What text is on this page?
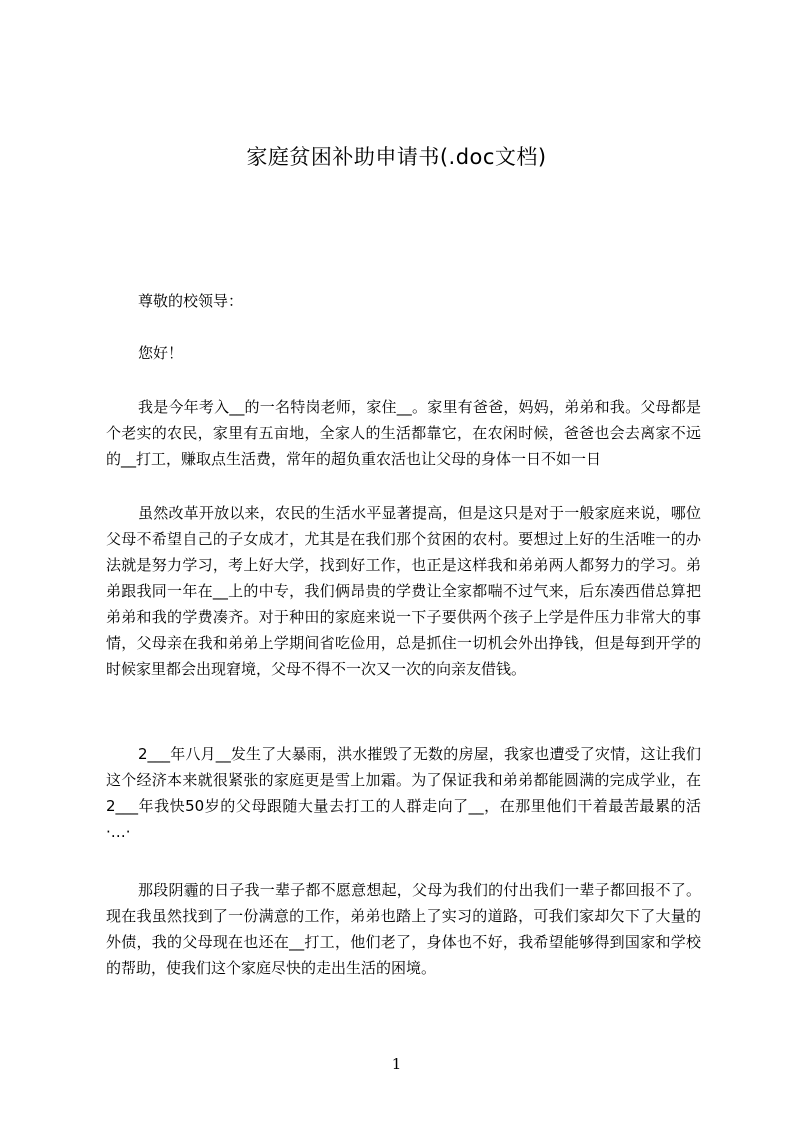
家庭贫困补助申请书(.doc文档)

尊敬的校领导：

您好！

我是今年考入__的一名特岗老师，家住__。家里有爸爸，妈妈，弟弟和我。父母都是个老实的农民，家里有五亩地，全家人的生活都靠它，在农闲时候，爸爸也会去离家不远的__打工，赚取点生活费，常年的超负重农活也让父母的身体一日不如一日

虽然改革开放以来，农民的生活水平显著提高，但是这只是对于一般家庭来说，哪位父母不希望自己的子女成才，尤其是在我们那个贫困的农村。要想过上好的生活唯一的办法就是努力学习，考上好大学，找到好工作，也正是这样我和弟弟两人都努力的学习。弟弟跟我同一年在__上的中专，我们俩昂贵的学费让全家都喘不过气来，后东凑西借总算把弟弟和我的学费凑齐。对于种田的家庭来说一下子要供两个孩子上学是件压力非常大的事情，父母亲在我和弟弟上学期间省吃俭用，总是抓住一切机会外出挣钱，但是每到开学的时候家里都会出现窘境，父母不得不一次又一次的向亲友借钱。

2___年八月__发生了大暴雨，洪水摧毁了无数的房屋，我家也遭受了灾情，这让我们这个经济本来就很紧张的家庭更是雪上加霜。为了保证我和弟弟都能圆满的完成学业，在2___年我快50岁的父母跟随大量去打工的人群走向了__，在那里他们干着最苦最累的活·…·

那段阴霾的日子我一辈子都不愿意想起，父母为我们的付出我们一辈子都回报不了。现在我虽然找到了一份满意的工作，弟弟也踏上了实习的道路，可我们家却欠下了大量的外债，我的父母现在也还在__打工，他们老了，身体也不好，我希望能够得到国家和学校的帮助，使我们这个家庭尽快的走出生活的困境。

1
